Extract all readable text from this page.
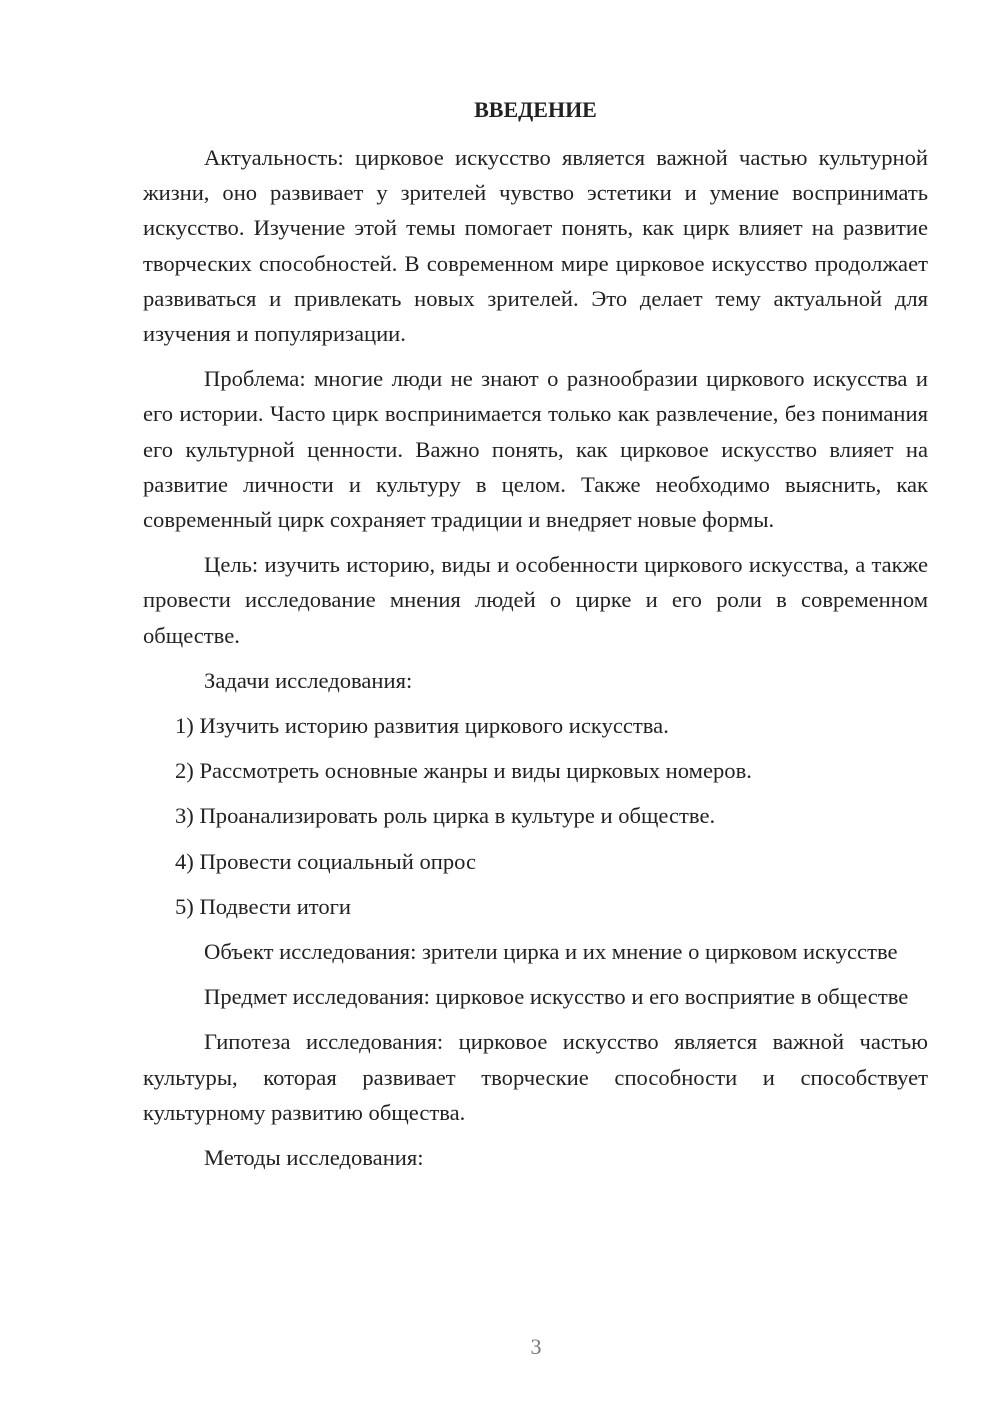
ВВЕДЕНИЕ

Актуальность: цирковое искусство является важной частью культурной жизни, оно развивает у зрителей чувство эстетики и умение воспринимать искусство. Изучение этой темы помогает понять, как цирк влияет на развитие творческих способностей. В современном мире цирковое искусство продолжает развиваться и привлекать новых зрителей. Это делает тему актуальной для изучения и популяризации.

Проблема: многие люди не знают о разнообразии циркового искусства и его истории. Часто цирк воспринимается только как развлечение, без понимания его культурной ценности. Важно понять, как цирковое искусство влияет на развитие личности и культуру в целом. Также необходимо выяснить, как современный цирк сохраняет традиции и внедряет новые формы.

Цель: изучить историю, виды и особенности циркового искусства, а также провести исследование мнения людей о цирке и его роли в современном обществе.

Задачи исследования:

1) Изучить историю развития циркового искусства.
2) Рассмотреть основные жанры и виды цирковых номеров.
3) Проанализировать роль цирка в культуре и обществе.
4) Провести социальный опрос
5) Подвести итоги

Объект исследования: зрители цирка и их мнение о цирковом искусстве

Предмет исследования: цирковое искусство и его восприятие в обществе

Гипотеза исследования: цирковое искусство является важной частью культуры, которая развивает творческие способности и способствует культурному развитию общества.

Методы исследования:

3
